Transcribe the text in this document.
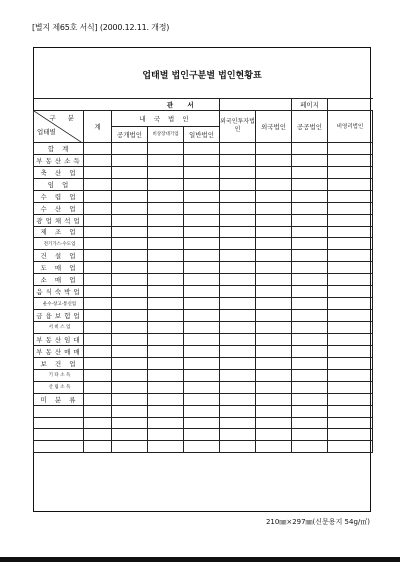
[별지 제65호 서식] (2000.12.11. 개정)
업태별 법인구분별 법인현황표
			관 서				페이지	

구 분
업태별	계	내 국 법 인			외국인투자법인	외국법인	공공법인	비영리법인
		공개법인	비상장대기업	일반법인				
합 계								
부동산소득								
축 산 업								
임 업								
수 렵 업								
수 산 업								
광업채석업								
제 조 업								
전기가스·수도업								
건 설 업								
도 매 업								
소 매 업								
음식숙박업								
운수·창고·통신업								
금융보험업								
서 비 스 업								
부동산임대								
부동산매매								
보 건 업								
기 타 소 득								
산 림 소 득								
미 분 류								

210㎜×297㎜(신문용지 54g/㎡)
